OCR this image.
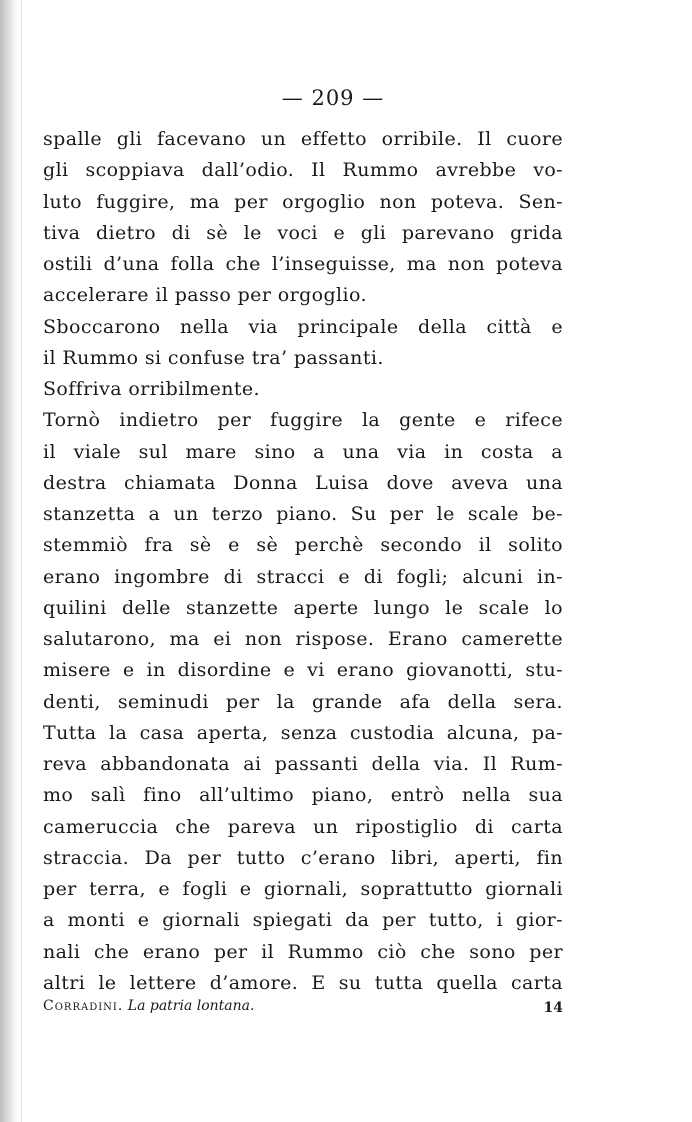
— 209 —
spalle gli facevano un effetto orribile. Il cuore
gli scoppiava dall’odio. Il Rummo avrebbe vo-
luto fuggire, ma per orgoglio non poteva. Sen-
tiva dietro di sè le voci e gli parevano grida
ostili d’una folla che l’inseguisse, ma non poteva
accelerare il passo per orgoglio.
Sboccarono nella via principale della città e
il Rummo si confuse tra’ passanti.
Soffriva orribilmente.
Tornò indietro per fuggire la gente e rifece
il viale sul mare sino a una via in costa a
destra chiamata Donna Luisa dove aveva una
stanzetta a un terzo piano. Su per le scale be-
stemmiò fra sè e sè perchè secondo il solito
erano ingombre di stracci e di fogli; alcuni in-
quilini delle stanzette aperte lungo le scale lo
salutarono, ma ei non rispose. Erano camerette
misere e in disordine e vi erano giovanotti, stu-
denti, seminudi per la grande afa della sera.
Tutta la casa aperta, senza custodia alcuna, pa-
reva abbandonata ai passanti della via. Il Rum-
mo salì fino all’ultimo piano, entrò nella sua
cameruccia che pareva un ripostiglio di carta
straccia. Da per tutto c’erano libri, aperti, fin
per terra, e fogli e giornali, soprattutto giornali
a monti e giornali spiegati da per tutto, i gior-
nali che erano per il Rummo ciò che sono per
altri le lettere d’amore. E su tutta quella carta
Corradini. La patria lontana.	14
